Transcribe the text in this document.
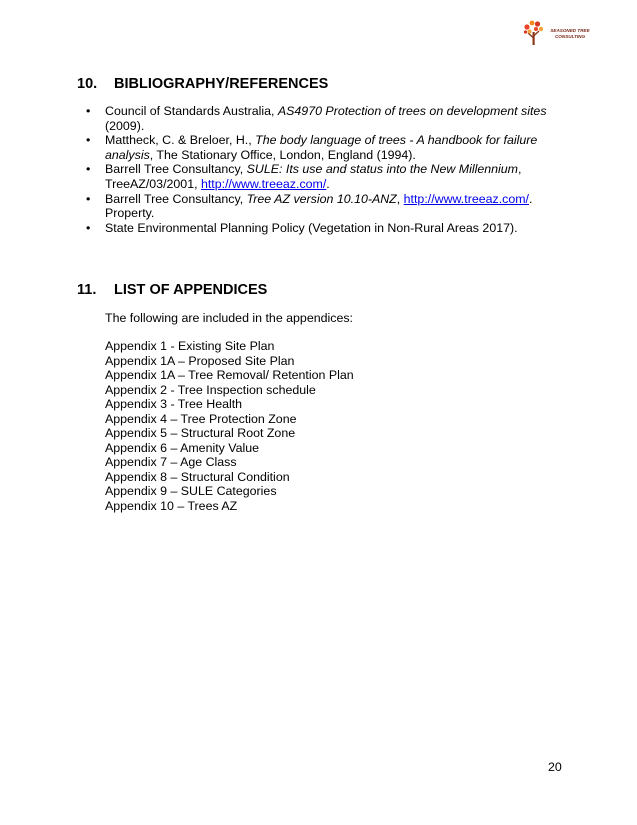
SEASONED TREE
CONSULTING
10.	BIBLIOGRAPHY/REFERENCES
• Council of Standards Australia, AS4970 Protection of trees on development sites (2009).
• Mattheck, C. & Breloer, H., The body language of trees - A handbook for failure analysis, The Stationary Office, London, England (1994).
• Barrell Tree Consultancy, SULE: Its use and status into the New Millennium, TreeAZ/03/2001, http://www.treeaz.com/.
• Barrell Tree Consultancy, Tree AZ version 10.10-ANZ, http://www.treeaz.com/. Property.
• State Environmental Planning Policy (Vegetation in Non-Rural Areas 2017).
11.	LIST OF APPENDICES

The following are included in the appendices:

Appendix 1 - Existing Site Plan
Appendix 1A – Proposed Site Plan
Appendix 1A – Tree Removal/ Retention Plan
Appendix 2 - Tree Inspection schedule
Appendix 3 - Tree Health
Appendix 4 – Tree Protection Zone
Appendix 5 – Structural Root Zone
Appendix 6 – Amenity Value
Appendix 7 – Age Class
Appendix 8 – Structural Condition
Appendix 9 – SULE Categories
Appendix 10 – Trees AZ
20
